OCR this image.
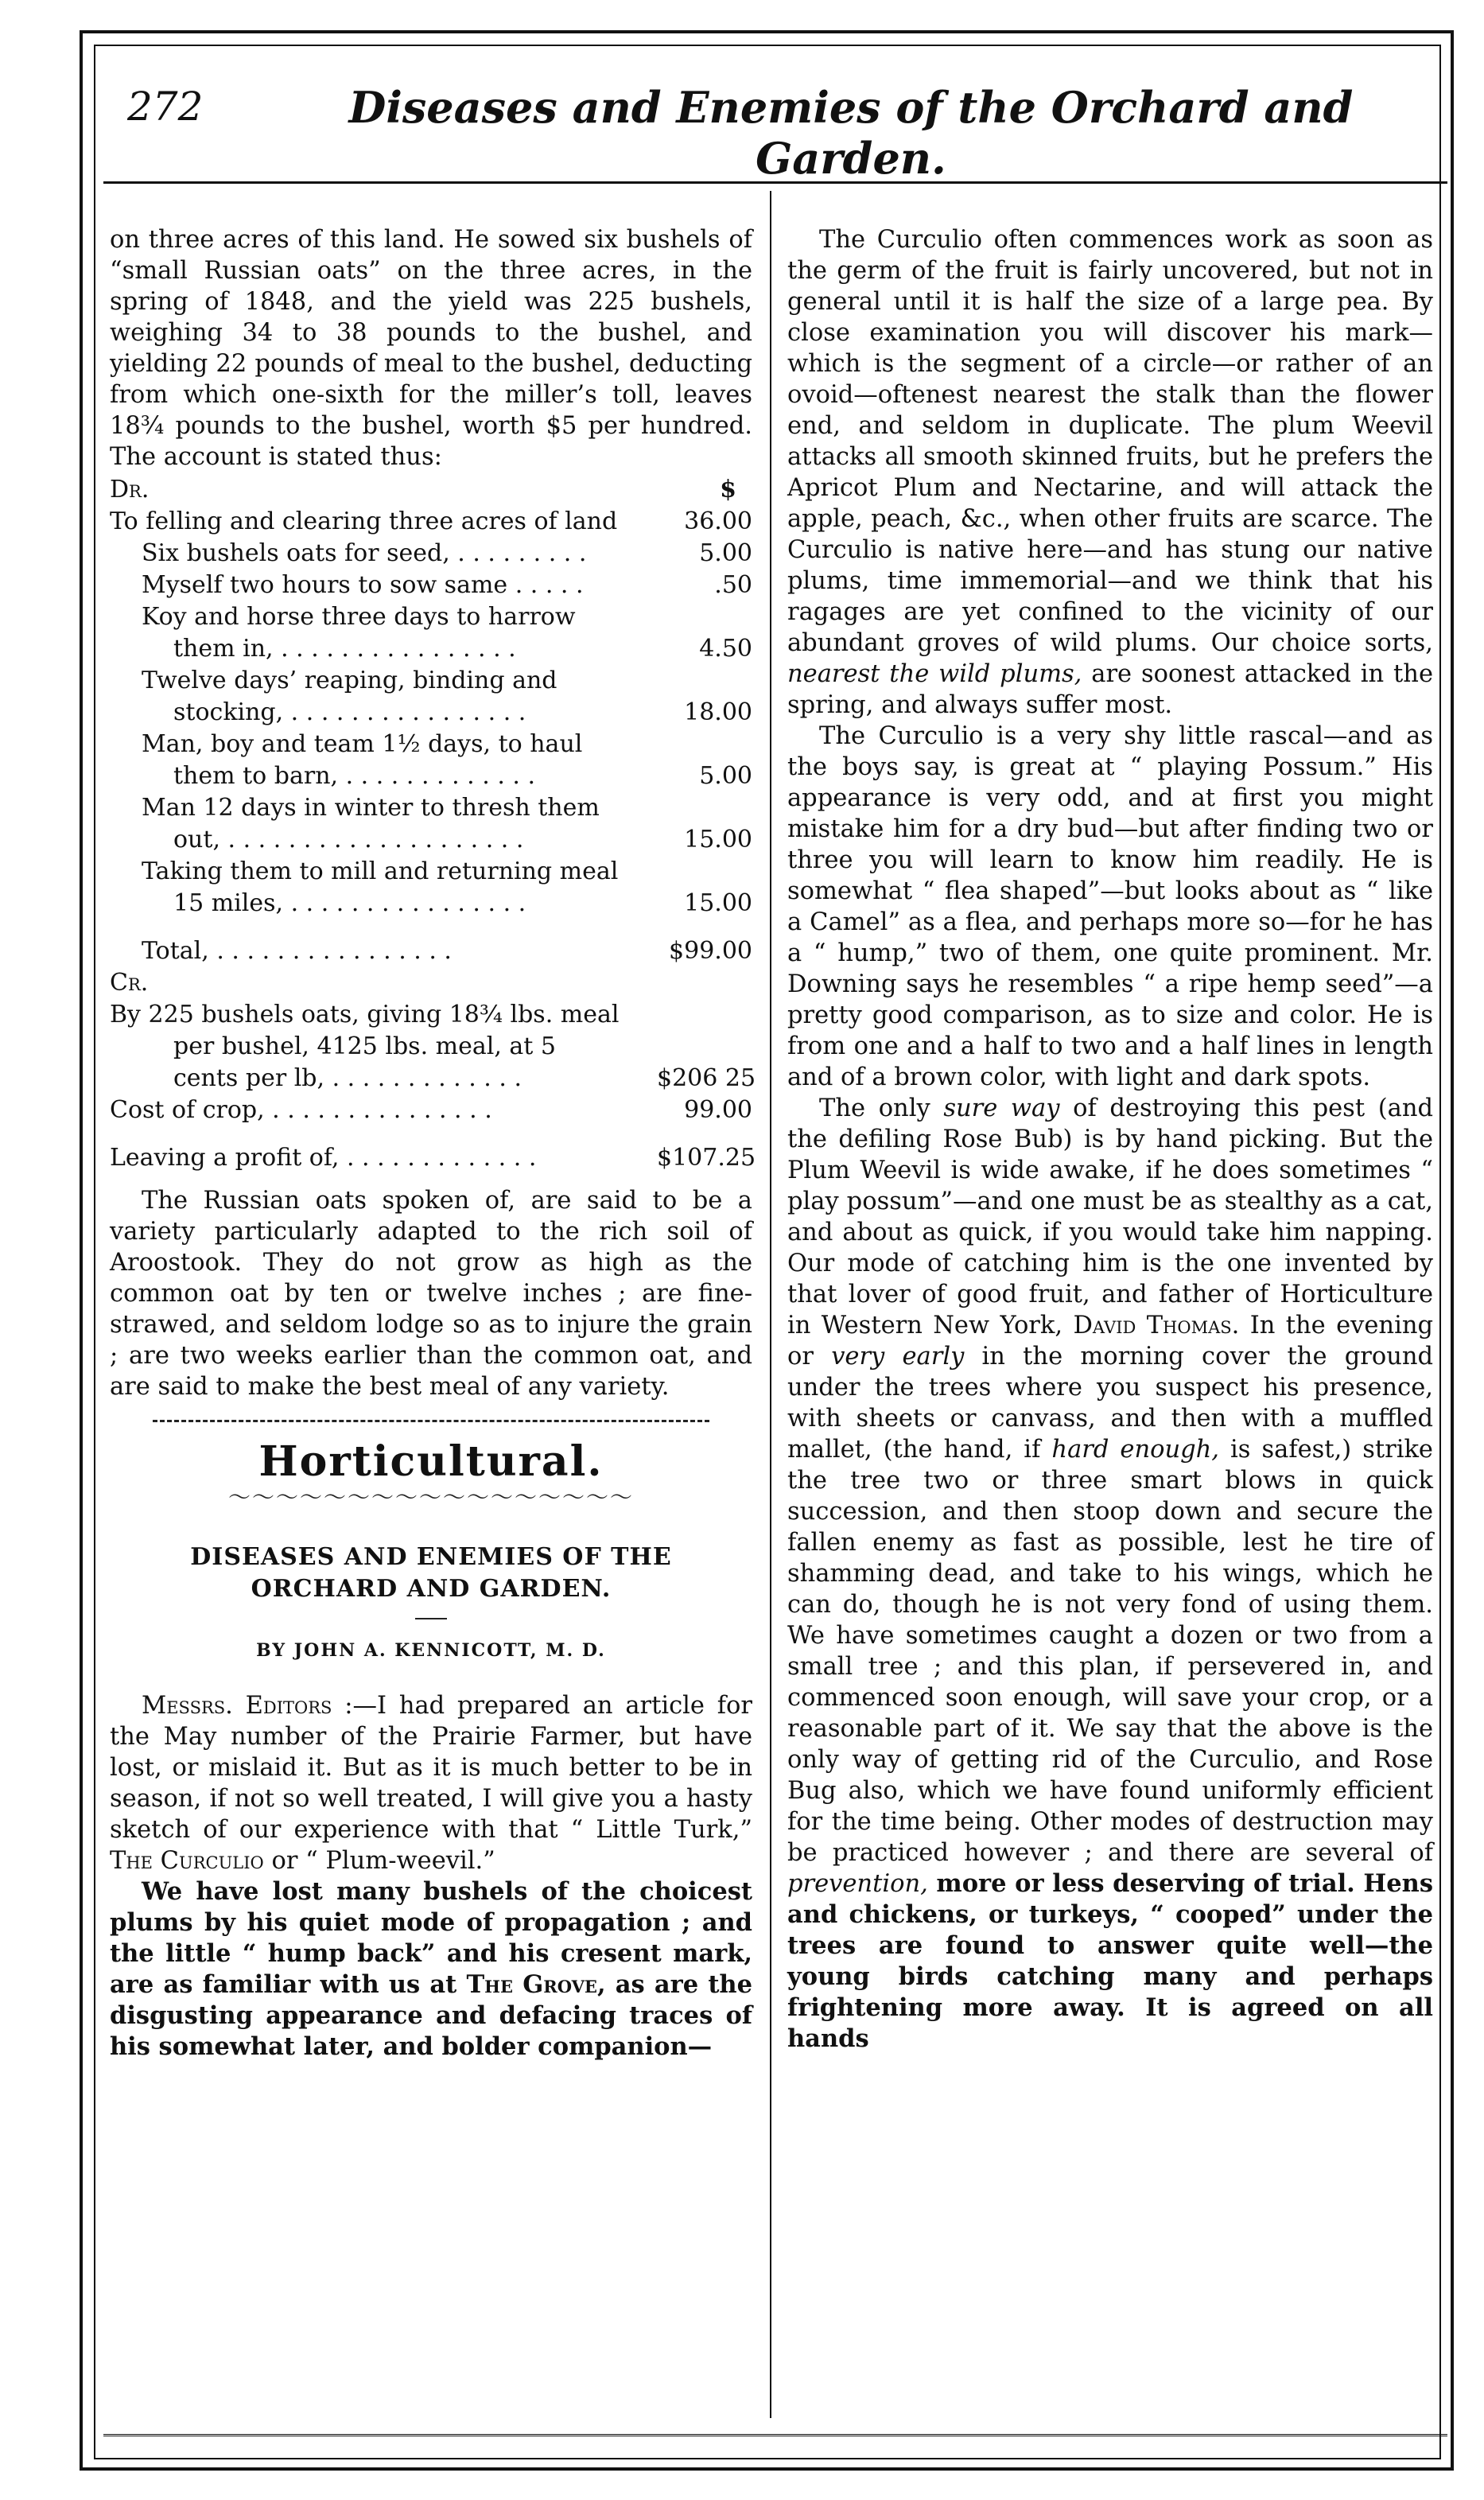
272	Diseases and Enemies of the Orchard and Garden.

on three acres of this land. He sowed six bushels of “small Russian oats” on the three acres, in the spring of 1848, and the yield was 225 bushels, weighing 34 to 38 pounds to the bushel, and yielding 22 pounds of meal to the bushel, deducting from which one-sixth for the miller’s toll, leaves 18¾ pounds to the bushel, worth $5 per hundred. The account is stated thus:

Dr.	$
To felling and clearing three acres of land	36.00
Six bushels oats for seed, . . . . . . . . .	5.00
Myself two hours to sow same . . . . .	.50
Koy and horse three days to harrow
them in, . . . . . . . . . . . . . . . .	4.50
Twelve days’ reaping, binding and
stocking, . . . . . . . . . . . . . . . .	18.00
Man, boy and team 1½ days, to haul
them to barn, . . . . . . . . . . . . .	5.00
Man 12 days in winter to thresh them
out, . . . . . . . . . . . . . . . . . . . .	15.00
Taking them to mill and returning meal
15 miles, . . . . . . . . . . . . . . . .	15.00
Total, . . . . . . . . . . . . . . . .	$99.00
Cr.
By 225 bushels oats, giving 18¾ lbs. meal
per bushel, 4125 lbs. meal, at 5
cents per lb, . . . . . . . . . . . . .	$206 25
Cost of crop, . . . . . . . . . . . . . . .	99.00
Leaving a profit of, . . . . . . . . . . . . .	$107.25

The Russian oats spoken of, are said to be a variety particularly adapted to the rich soil of Aroostook. They do not grow as high as the common oat by ten or twelve inches ; are fine-strawed, and seldom lodge so as to injure the grain ; are two weeks earlier than the common oat, and are said to make the best meal of any variety.

Horticultural.
〜〜〜〜〜〜〜〜〜〜〜〜〜〜〜〜〜
DISEASES AND ENEMIES OF THE ORCHARD AND GARDEN.
BY JOHN A. KENNICOTT, M. D.

Messrs. Editors :—I had prepared an article for the May number of the Prairie Farmer, but have lost, or mislaid it. But as it is much better to be in season, if not so well treated, I will give you a hasty sketch of our experience with that “ Little Turk,” The Curculio or “ Plum-weevil.”

We have lost many bushels of the choicest plums by his quiet mode of propagation ; and the little “ hump back” and his cresent mark, are as familiar with us at The Grove, as are the disgusting appearance and defacing traces of his somewhat later, and bolder companion—

The Curculio often commences work as soon as the germ of the fruit is fairly uncovered, but not in general until it is half the size of a large pea. By close examination you will discover his mark—which is the segment of a circle—or rather of an ovoid—oftenest nearest the stalk than the flower end, and seldom in duplicate. The plum Weevil attacks all smooth skinned fruits, but he prefers the Apricot Plum and Nectarine, and will attack the apple, peach, &c., when other fruits are scarce. The Curculio is native here—and has stung our native plums, time immemorial—and we think that his ragages are yet confined to the vicinity of our abundant groves of wild plums. Our choice sorts, nearest the wild plums, are soonest attacked in the spring, and always suffer most.

The Curculio is a very shy little rascal—and as the boys say, is great at “ playing Possum.” His appearance is very odd, and at first you might mistake him for a dry bud—but after finding two or three you will learn to know him readily. He is somewhat “ flea shaped”—but looks about as “ like a Camel” as a flea, and perhaps more so—for he has a “ hump,” two of them, one quite prominent. Mr. Downing says he resembles “ a ripe hemp seed”—a pretty good comparison, as to size and color. He is from one and a half to two and a half lines in length and of a brown color, with light and dark spots.

The only sure way of destroying this pest (and the defiling Rose Bub) is by hand picking. But the Plum Weevil is wide awake, if he does sometimes “ play possum”—and one must be as stealthy as a cat, and about as quick, if you would take him napping. Our mode of catching him is the one invented by that lover of good fruit, and father of Horticulture in Western New York, David Thomas. In the evening or very early in the morning cover the ground under the trees where you suspect his presence, with sheets or canvass, and then with a muffled mallet, (the hand, if hard enough, is safest,) strike the tree two or three smart blows in quick succession, and then stoop down and secure the fallen enemy as fast as possible, lest he tire of shamming dead, and take to his wings, which he can do, though he is not very fond of using them. We have sometimes caught a dozen or two from a small tree ; and this plan, if persevered in, and commenced soon enough, will save your crop, or a reasonable part of it. We say that the above is the only way of getting rid of the Curculio, and Rose Bug also, which we have found uniformly efficient for the time being. Other modes of destruction may be practiced however ; and there are several of prevention, more or less deserving of trial. Hens and chickens, or turkeys, “ cooped” under the trees are found to answer quite well—the young birds catching many and perhaps frightening more away. It is agreed on all hands
